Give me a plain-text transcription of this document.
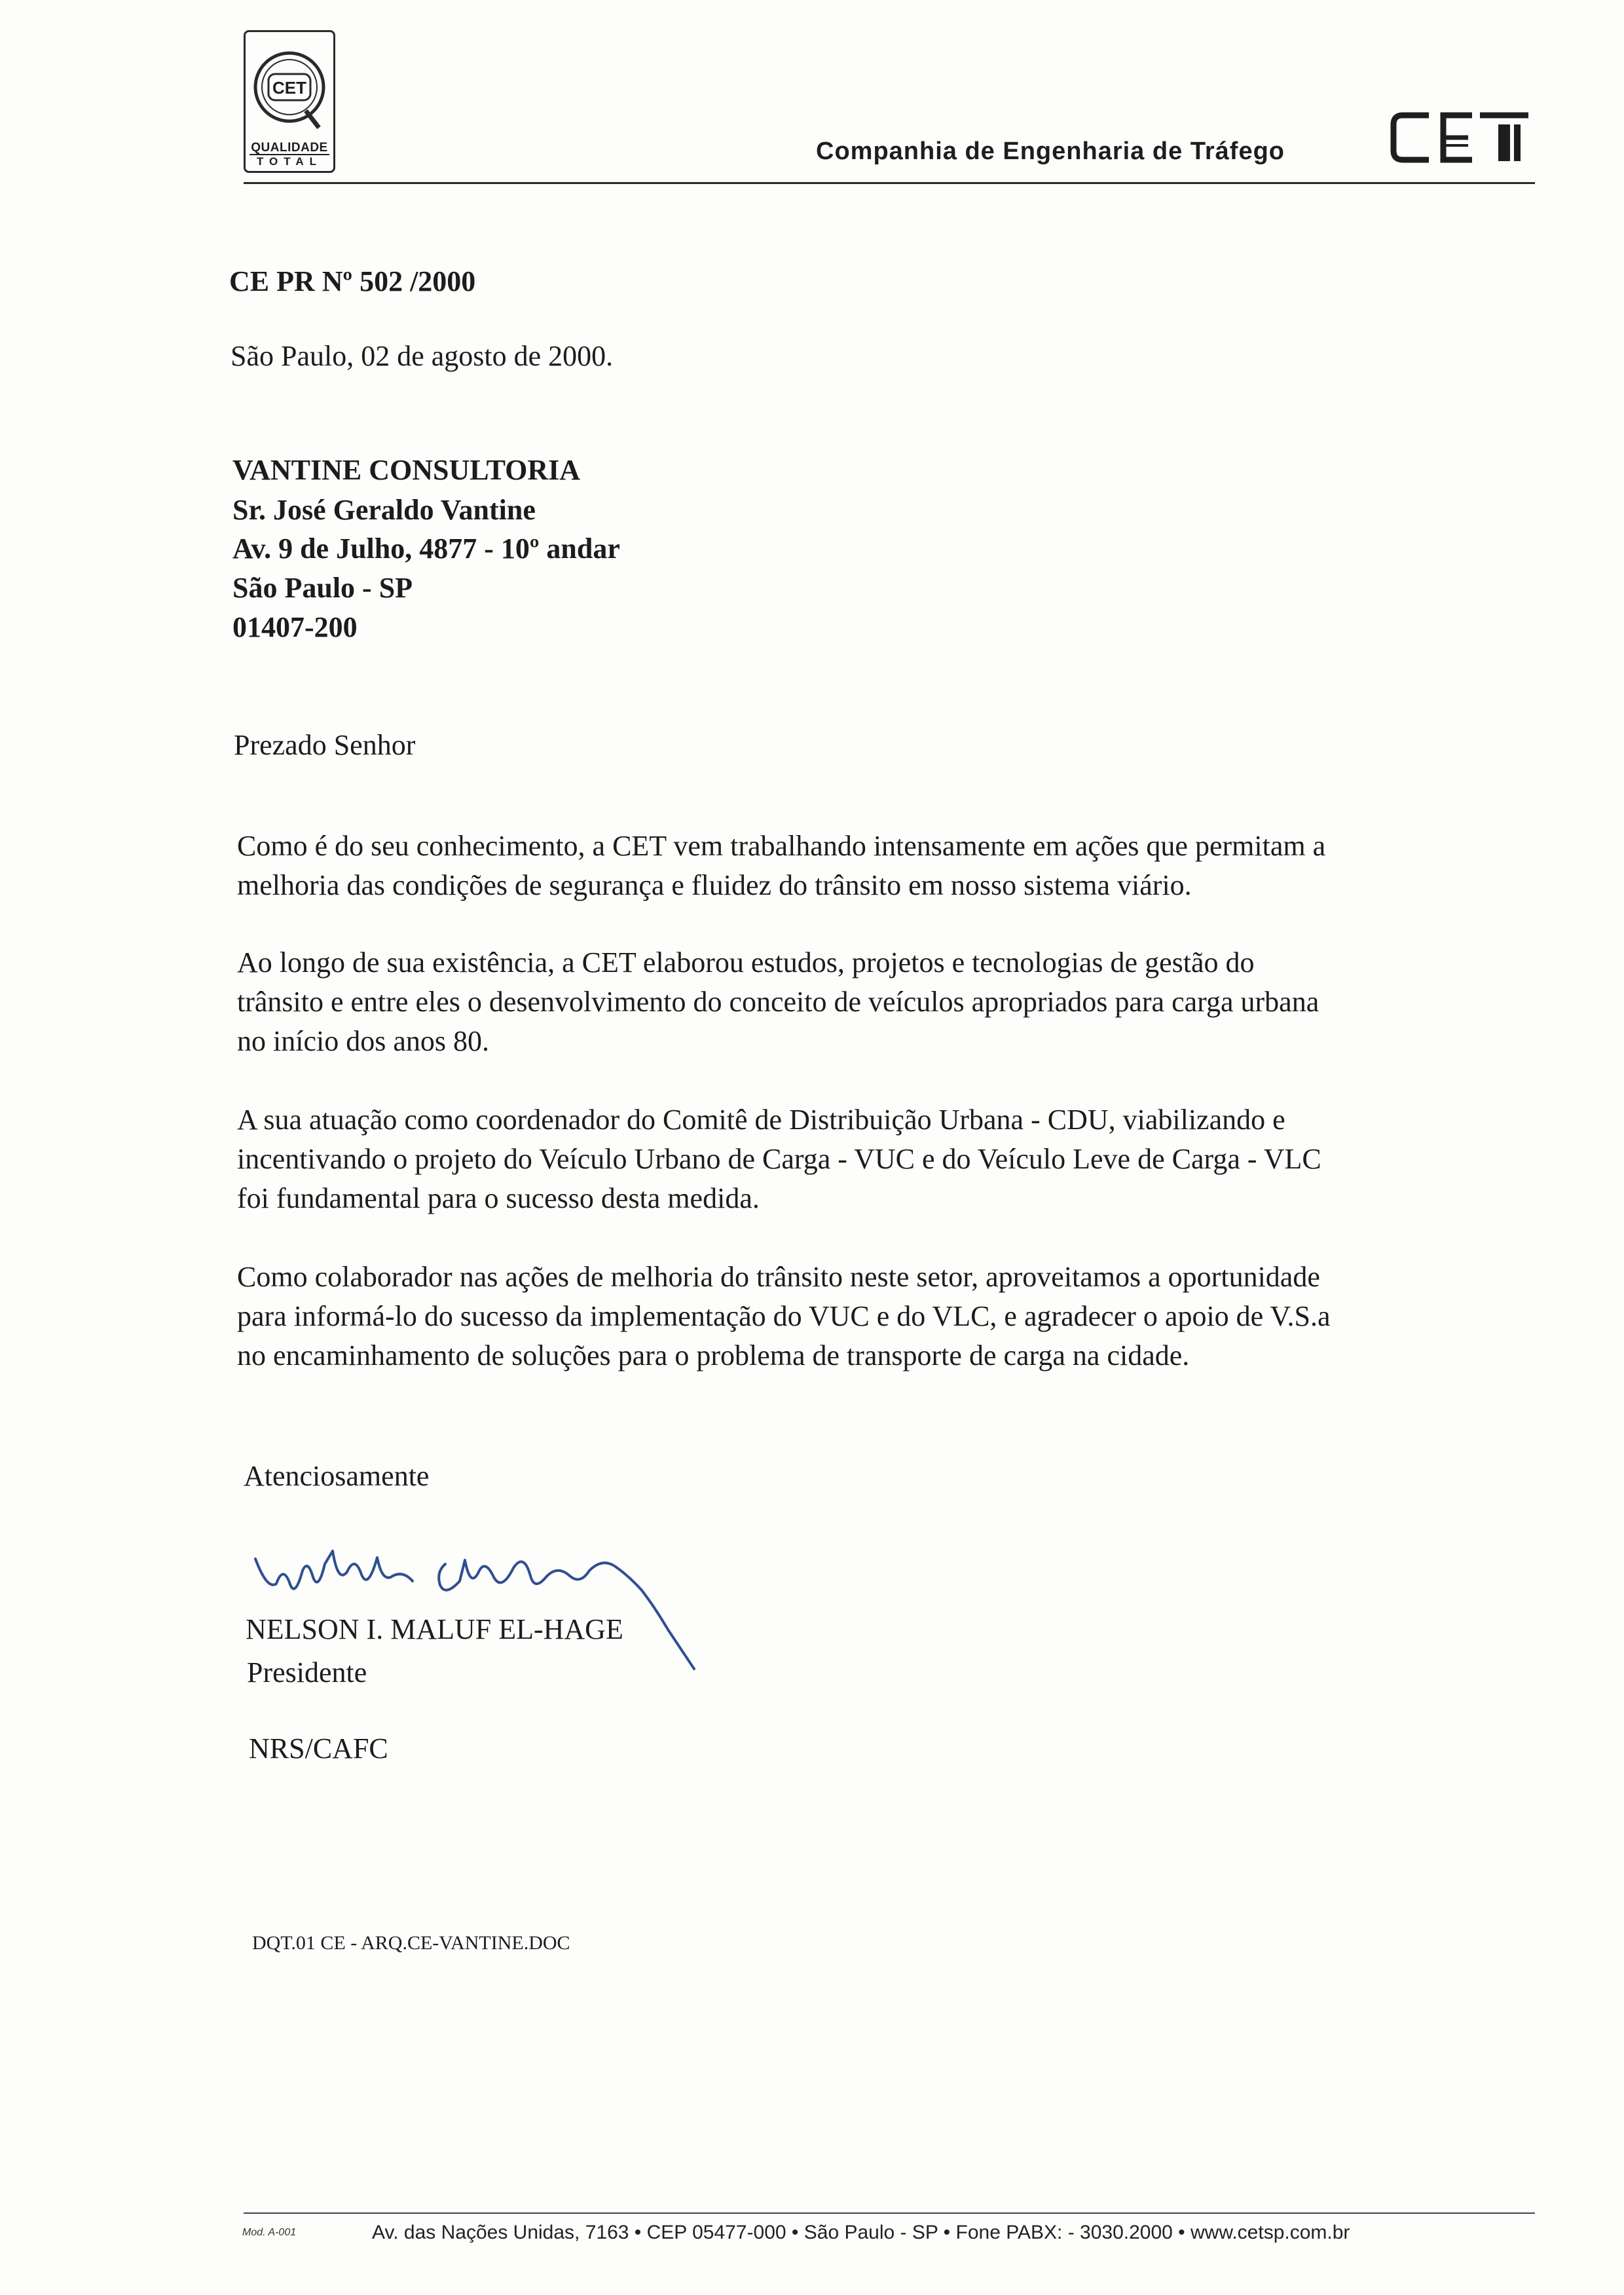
CET
QUALIDADE
TOTAL	Companhia de Engenharia de Tráfego
CE PR Nº 502 /2000
São Paulo, 02 de agosto de 2000.
VANTINE CONSULTORIA
Sr. José Geraldo Vantine
Av. 9 de Julho, 4877 - 10º andar
São Paulo - SP
01407-200
Prezado Senhor
Como é do seu conhecimento, a CET vem trabalhando intensamente em ações que permitam a
melhoria das condições de segurança e fluidez do trânsito em nosso sistema viário.
Ao longo de sua existência, a CET elaborou estudos, projetos e tecnologias de gestão do
trânsito e entre eles o desenvolvimento do conceito de veículos apropriados para carga urbana
no início dos anos 80.
A sua atuação como coordenador do Comitê de Distribuição Urbana - CDU, viabilizando e
incentivando o projeto do Veículo Urbano de Carga - VUC e do Veículo Leve de Carga - VLC
foi fundamental para o sucesso desta medida.
Como colaborador nas ações de melhoria do trânsito neste setor, aproveitamos a oportunidade
para informá-lo do sucesso da implementação do VUC e do VLC, e agradecer o apoio de V.S.a
no encaminhamento de soluções para o problema de transporte de carga na cidade.
Atenciosamente
NELSON I. MALUF EL-HAGE
Presidente
NRS/CAFC
DQT.01 CE - ARQ.CE-VANTINE.DOC
Mod. A-001	Av. das Nações Unidas, 7163 • CEP 05477-000 • São Paulo - SP • Fone PABX: - 3030.2000 • www.cetsp.com.br
